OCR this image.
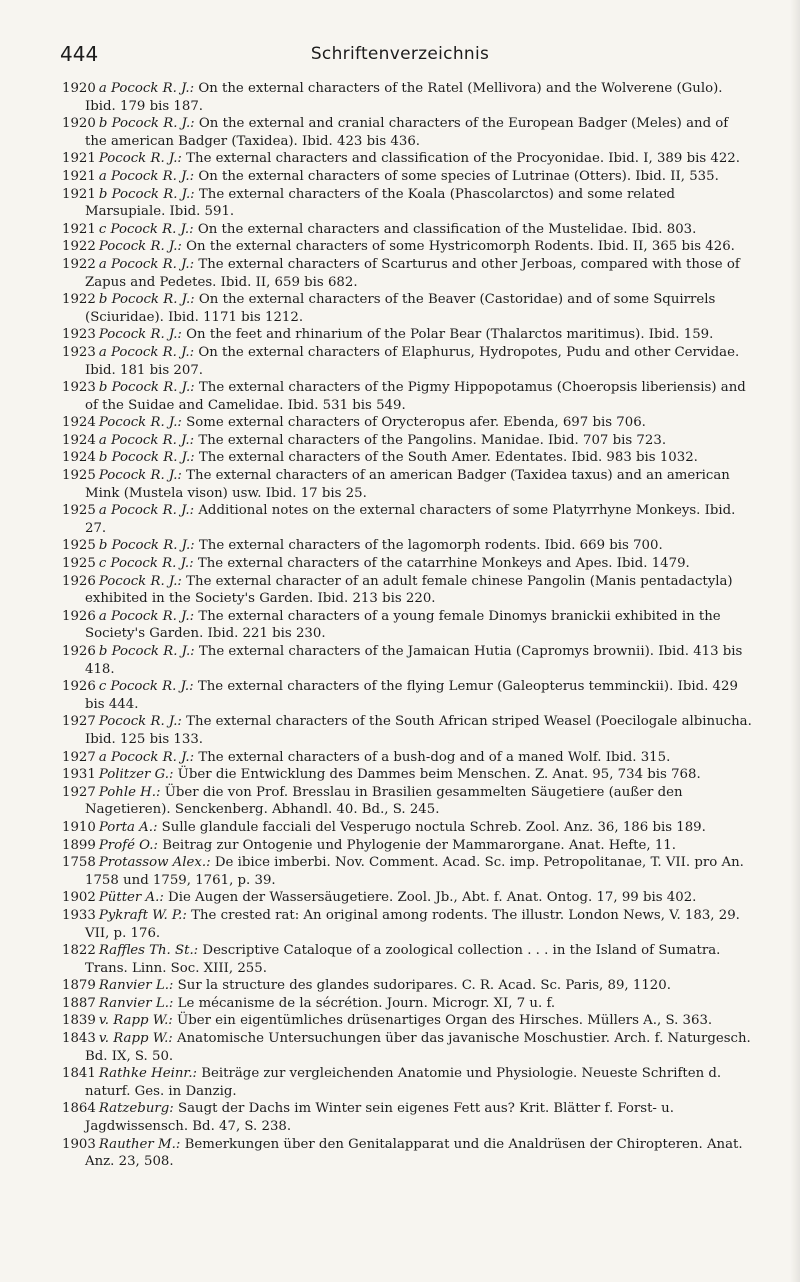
444	Schriftenverzeichnis
1920 a Pocock R. J.: On the external characters of the Ratel (Mellivora) and the Wolverene (Gulo). Ibid. 179 bis 187.
1920 b Pocock R. J.: On the external and cranial characters of the European Badger (Meles) and of the american Badger (Taxidea). Ibid. 423 bis 436.
1921 Pocock R. J.: The external characters and classification of the Procyonidae. Ibid. I, 389 bis 422.
1921 a Pocock R. J.: On the external characters of some species of Lutrinae (Otters). Ibid. II, 535.
1921 b Pocock R. J.: The external characters of the Koala (Phascolarctos) and some related Marsupiale. Ibid. 591.
1921 c Pocock R. J.: On the external characters and classification of the Mustelidae. Ibid. 803.
1922 Pocock R. J.: On the external characters of some Hystricomorph Rodents. Ibid. II, 365 bis 426.
1922 a Pocock R. J.: The external characters of Scarturus and other Jerboas, compared with those of Zapus and Pedetes. Ibid. II, 659 bis 682.
1922 b Pocock R. J.: On the external characters of the Beaver (Castoridae) and of some Squirrels (Sciuridae). Ibid. 1171 bis 1212.
1923 Pocock R. J.: On the feet and rhinarium of the Polar Bear (Thalarctos maritimus). Ibid. 159.
1923 a Pocock R. J.: On the external characters of Elaphurus, Hydropotes, Pudu and other Cervidae. Ibid. 181 bis 207.
1923 b Pocock R. J.: The external characters of the Pigmy Hippopotamus (Choeropsis liberiensis) and of the Suidae and Camelidae. Ibid. 531 bis 549.
1924 Pocock R. J.: Some external characters of Orycteropus afer. Ebenda, 697 bis 706.
1924 a Pocock R. J.: The external characters of the Pangolins. Manidae. Ibid. 707 bis 723.
1924 b Pocock R. J.: The external characters of the South Amer. Edentates. Ibid. 983 bis 1032.
1925 Pocock R. J.: The external characters of an american Badger (Taxidea taxus) and an american Mink (Mustela vison) usw. Ibid. 17 bis 25.
1925 a Pocock R. J.: Additional notes on the external characters of some Platyrrhyne Monkeys. Ibid. 27.
1925 b Pocock R. J.: The external characters of the lagomorph rodents. Ibid. 669 bis 700.
1925 c Pocock R. J.: The external characters of the catarrhine Monkeys and Apes. Ibid. 1479.
1926 Pocock R. J.: The external character of an adult female chinese Pangolin (Manis pentadactyla) exhibited in the Society's Garden. Ibid. 213 bis 220.
1926 a Pocock R. J.: The external characters of a young female Dinomys branickii exhibited in the Society's Garden. Ibid. 221 bis 230.
1926 b Pocock R. J.: The external characters of the Jamaican Hutia (Capromys brownii). Ibid. 413 bis 418.
1926 c Pocock R. J.: The external characters of the flying Lemur (Galeopterus temminckii). Ibid. 429 bis 444.
1927 Pocock R. J.: The external characters of the South African striped Weasel (Poecilogale albinucha. Ibid. 125 bis 133.
1927 a Pocock R. J.: The external characters of a bush-dog and of a maned Wolf. Ibid. 315.
1931 Politzer G.: Über die Entwicklung des Dammes beim Menschen. Z. Anat. 95, 734 bis 768.
1927 Pohle H.: Über die von Prof. Bresslau in Brasilien gesammelten Säugetiere (außer den Nagetieren). Senckenberg. Abhandl. 40. Bd., S. 245.
1910 Porta A.: Sulle glandule facciali del Vesperugo noctula Schreb. Zool. Anz. 36, 186 bis 189.
1899 Profé O.: Beitrag zur Ontogenie und Phylogenie der Mammarorgane. Anat. Hefte, 11.
1758 Protassow Alex.: De ibice imberbi. Nov. Comment. Acad. Sc. imp. Petropolitanae, T. VII. pro An. 1758 und 1759, 1761, p. 39.
1902 Pütter A.: Die Augen der Wassersäugetiere. Zool. Jb., Abt. f. Anat. Ontog. 17, 99 bis 402.
1933 Pykraft W. P.: The crested rat: An original among rodents. The illustr. London News, V. 183, 29. VII, p. 176.
1822 Raffles Th. St.: Descriptive Cataloque of a zoological collection . . . in the Island of Sumatra. Trans. Linn. Soc. XIII, 255.
1879 Ranvier L.: Sur la structure des glandes sudoripares. C. R. Acad. Sc. Paris, 89, 1120.
1887 Ranvier L.: Le mécanisme de la sécrétion. Journ. Microgr. XI, 7 u. f.
1839 v. Rapp W.: Über ein eigentümliches drüsenartiges Organ des Hirsches. Müllers A., S. 363.
1843 v. Rapp W.: Anatomische Untersuchungen über das javanische Moschustier. Arch. f. Naturgesch. Bd. IX, S. 50.
1841 Rathke Heinr.: Beiträge zur vergleichenden Anatomie und Physiologie. Neueste Schriften d. naturf. Ges. in Danzig.
1864 Ratzeburg: Saugt der Dachs im Winter sein eigenes Fett aus? Krit. Blätter f. Forst- u. Jagdwissensch. Bd. 47, S. 238.
1903 Rauther M.: Bemerkungen über den Genitalapparat und die Analdrüsen der Chiropteren. Anat. Anz. 23, 508.
